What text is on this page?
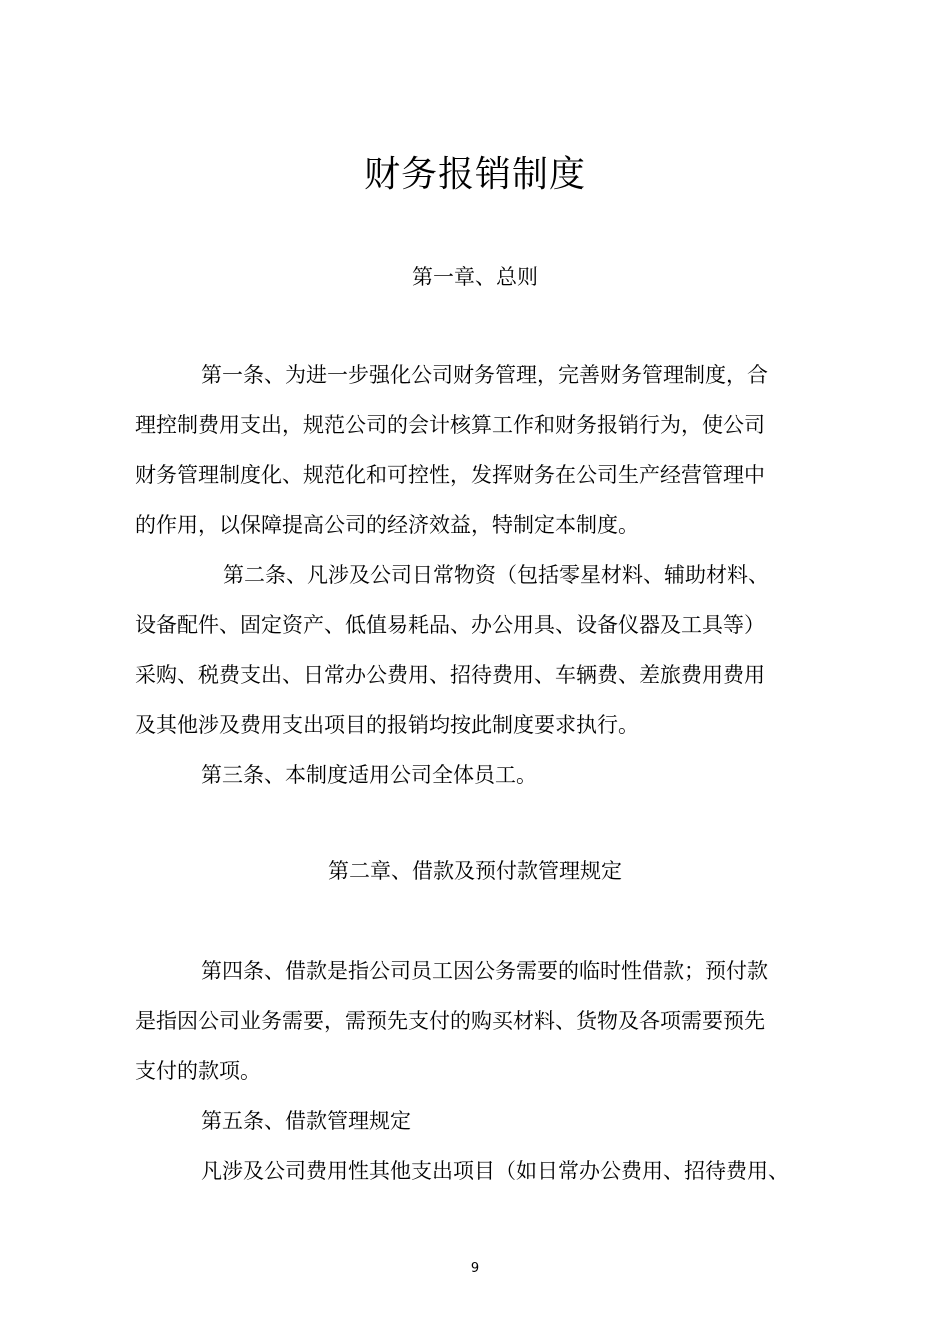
财务报销制度
第一章、总则
第一条、为进一步强化公司财务管理，完善财务管理制度，合
理控制费用支出，规范公司的会计核算工作和财务报销行为，使公司
财务管理制度化、规范化和可控性，发挥财务在公司生产经营管理中
的作用，以保障提高公司的经济效益，特制定本制度。
第二条、凡涉及公司日常物资（包括零星材料、辅助材料、
设备配件、固定资产、低值易耗品、办公用具、设备仪器及工具等）
采购、税费支出、日常办公费用、招待费用、车辆费、差旅费用费用
及其他涉及费用支出项目的报销均按此制度要求执行。
第三条、本制度适用公司全体员工。
第二章、借款及预付款管理规定
第四条、借款是指公司员工因公务需要的临时性借款；预付款
是指因公司业务需要，需预先支付的购买材料、货物及各项需要预先
支付的款项。
第五条、借款管理规定
凡涉及公司费用性其他支出项目（如日常办公费用、招待费用、
9
